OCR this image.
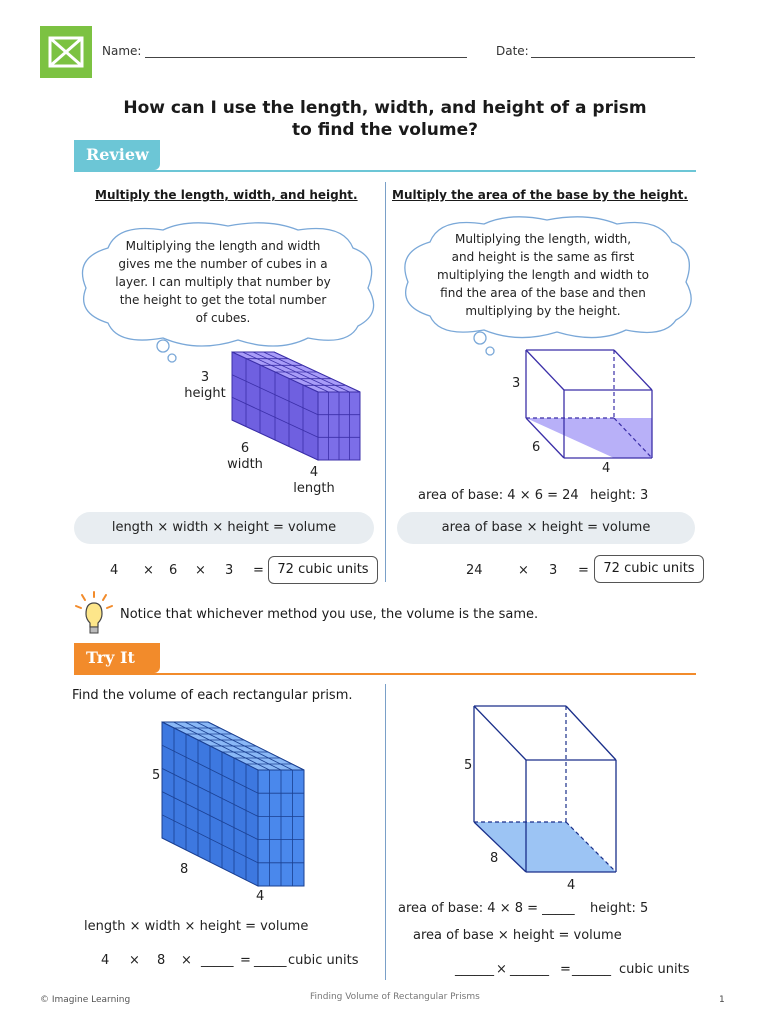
Name:	Date:
How can I use the length, width, and height of a prism
to find the volume?
Review
Multiply the length, width, and height.
Multiplying the length and width
gives me the number of cubes in a
layer. I can multiply that number by
the height to get the total number
of cubes.
3
height
6
width
4
length
length × width × height = volume
4 × 6 × 3 =	72 cubic units
Multiply the area of the base by the height.
Multiplying the length, width,
and height is the same as first
multiplying the length and width to
find the area of the base and then
multiplying by the height.
3
6
4
area of base: 4 × 6 = 24 height: 3
area of base × height = volume
24	× 3 =	72 cubic units
Notice that whichever method you use, the volume is the same.
Try It
Find the volume of each rectangular prism.
5
8
4
length × width × height = volume
4 × 8 × _____ = _____ cubic units
5
8
4
area of base: 4 × 8 = _____ height: 5
area of base × height = volume
______ × ______ = ______ cubic units
© Imagine Learning	Finding Volume of Rectangular Prisms	1
